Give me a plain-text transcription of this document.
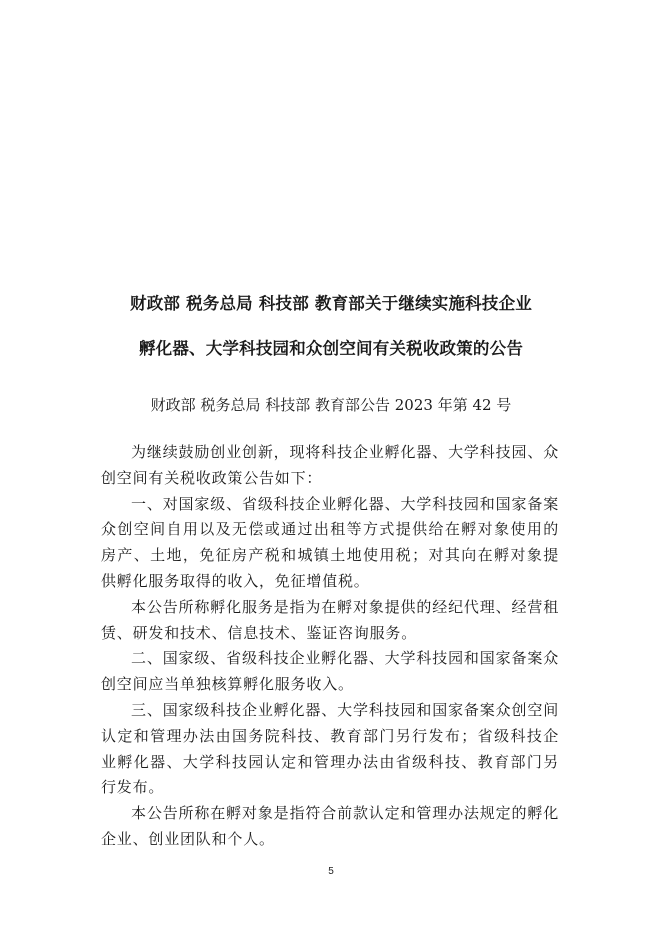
财政部 税务总局 科技部 教育部关于继续实施科技企业
孵化器、大学科技园和众创空间有关税收政策的公告

财政部 税务总局 科技部 教育部公告 2023 年第 42 号

为继续鼓励创业创新，现将科技企业孵化器、大学科技园、众创空间有关税收政策公告如下：

一、对国家级、省级科技企业孵化器、大学科技园和国家备案众创空间自用以及无偿或通过出租等方式提供给在孵对象使用的房产、土地，免征房产税和城镇土地使用税；对其向在孵对象提供孵化服务取得的收入，免征增值税。

本公告所称孵化服务是指为在孵对象提供的经纪代理、经营租赁、研发和技术、信息技术、鉴证咨询服务。

二、国家级、省级科技企业孵化器、大学科技园和国家备案众创空间应当单独核算孵化服务收入。

三、国家级科技企业孵化器、大学科技园和国家备案众创空间认定和管理办法由国务院科技、教育部门另行发布；省级科技企业孵化器、大学科技园认定和管理办法由省级科技、教育部门另行发布。

本公告所称在孵对象是指符合前款认定和管理办法规定的孵化企业、创业团队和个人。

5
